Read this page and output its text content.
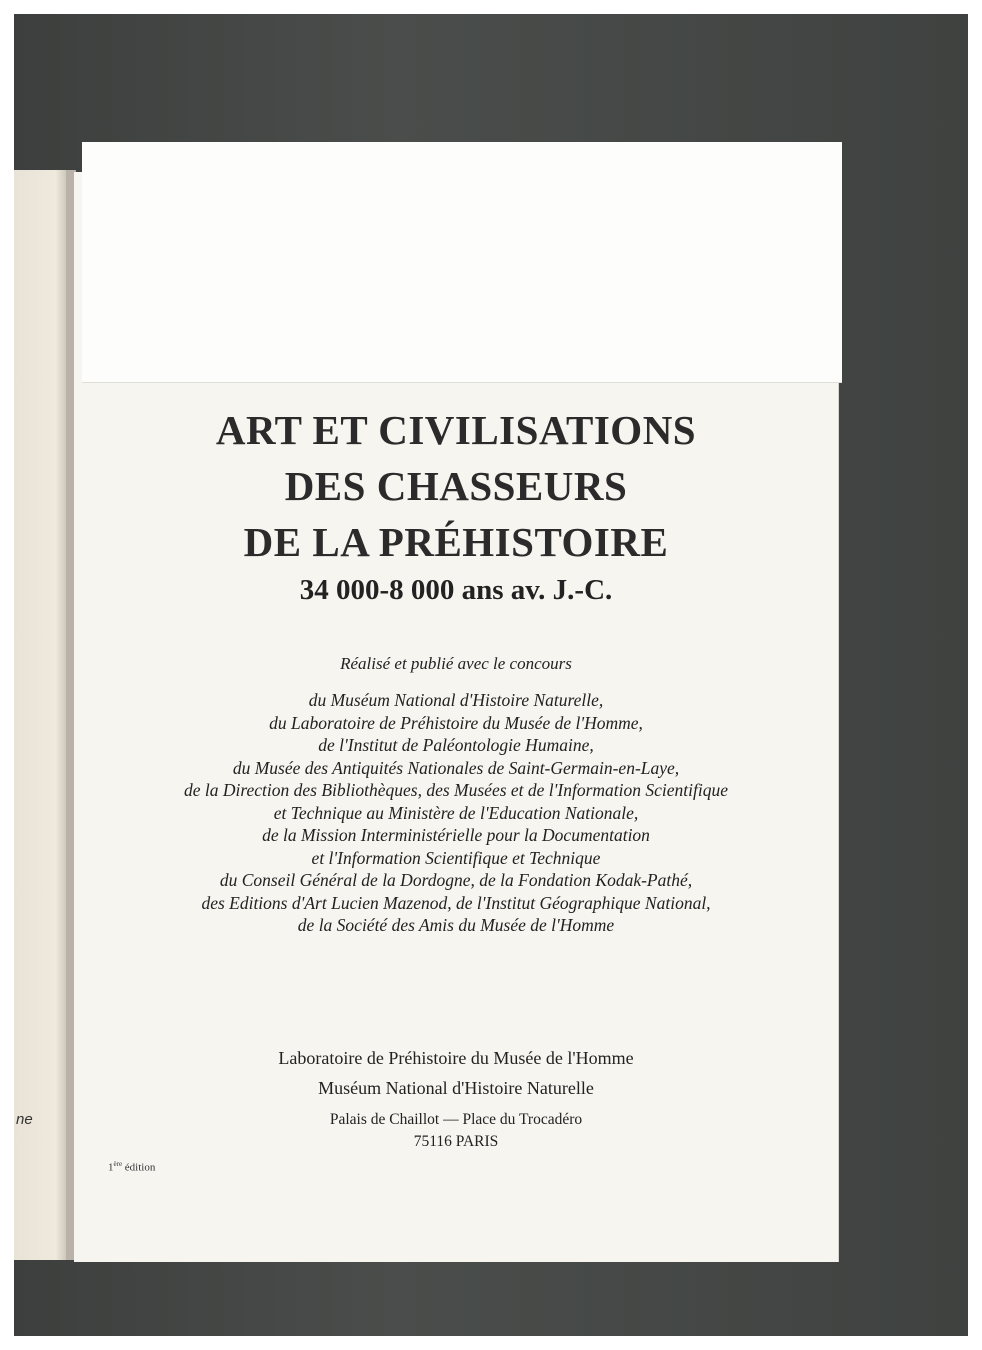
ne
ART ET CIVILISATIONS
DES CHASSEURS
DE LA PRÉHISTOIRE
34 000-8 000 ans av. J.-C.
Réalisé et publié avec le concours
du Muséum National d'Histoire Naturelle,
du Laboratoire de Préhistoire du Musée de l'Homme,
de l'Institut de Paléontologie Humaine,
du Musée des Antiquités Nationales de Saint-Germain-en-Laye,
de la Direction des Bibliothèques, des Musées et de l'Information Scientifique
et Technique au Ministère de l'Education Nationale,
de la Mission Interministérielle pour la Documentation
et l'Information Scientifique et Technique
du Conseil Général de la Dordogne, de la Fondation Kodak-Pathé,
des Editions d'Art Lucien Mazenod, de l'Institut Géographique National,
de la Société des Amis du Musée de l'Homme
Laboratoire de Préhistoire du Musée de l'Homme
Muséum National d'Histoire Naturelle
Palais de Chaillot — Place du Trocadéro
75116 PARIS
1ère édition
